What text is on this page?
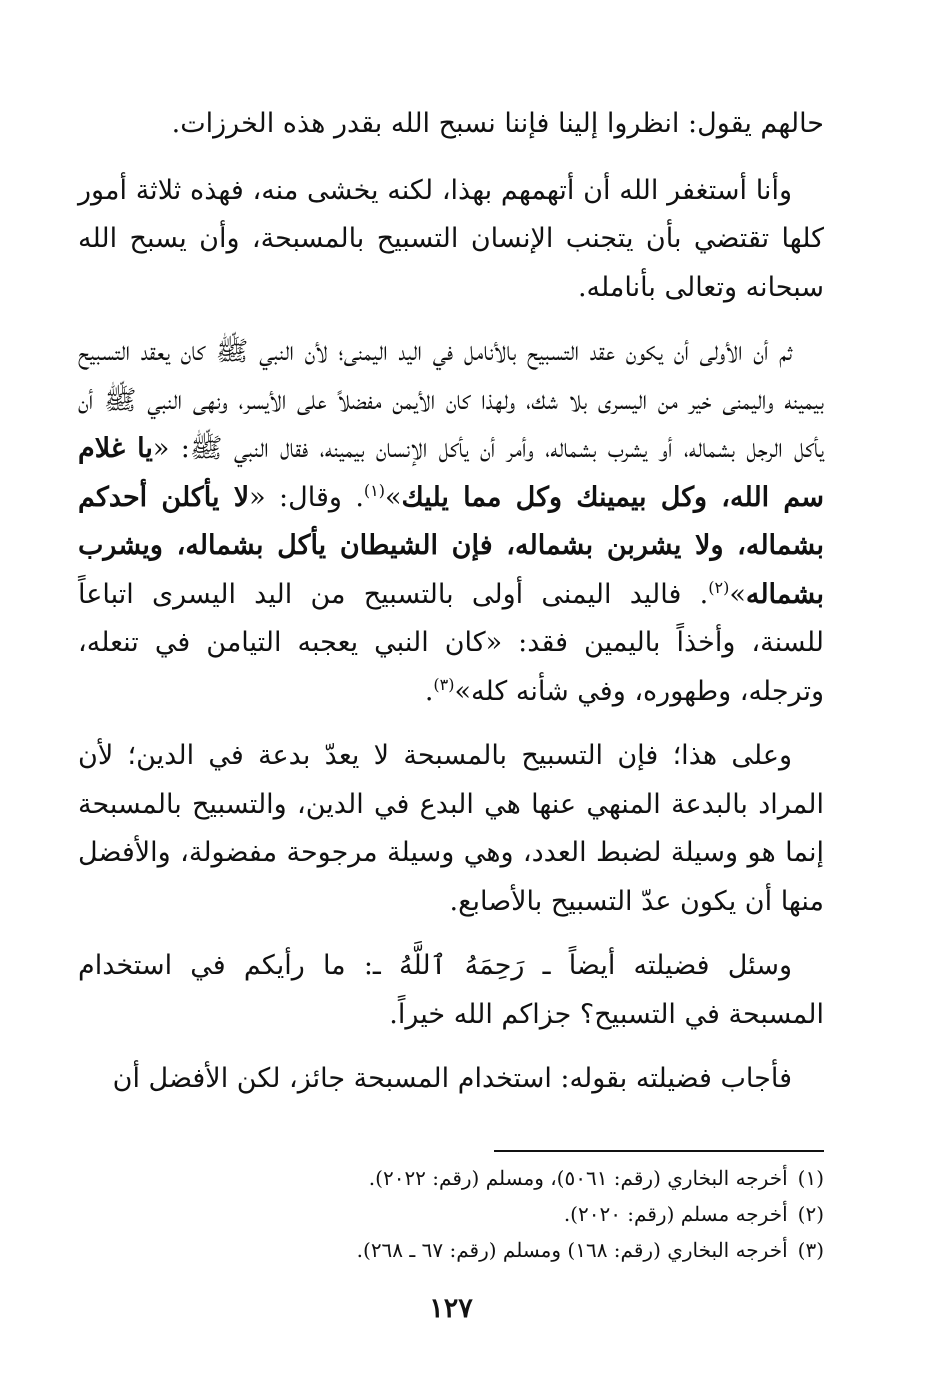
حالهم يقول: انظروا إلينا فإننا نسبح الله بقدر هذه الخرزات.

وأنا أستغفر الله أن أتهمهم بهذا، لكنه يخشى منه، فهذه ثلاثة أمور كلها تقتضي بأن يتجنب الإنسان التسبيح بالمسبحة، وأن يسبح الله سبحانه وتعالى بأنامله.

ثم أن الأولى أن يكون عقد التسبيح بالأنامل في اليد اليمنى؛ لأن النبي ﷺ كان يعقد التسبيح بيمينه واليمنى خير من اليسرى بلا شك، ولهذا كان الأيمن مفضلاً على الأيسر، ونهى النبي ﷺ أن يأكل الرجل بشماله، أو يشرب بشماله، وأمر أن يأكل الإنسان بيمينه، فقال النبي ﷺ: «يا غلام سم الله، وكل بيمينك وكل مما يليك»$^{(١)}$. وقال: «لا يأكلن أحدكم بشماله، ولا يشربن بشماله، فإن الشيطان يأكل بشماله، ويشرب بشماله»$^{(٢)}$. فاليد اليمنى أولى بالتسبيح من اليد اليسرى اتباعاً للسنة، وأخذاً باليمين فقد: «كان النبي يعجبه التيامن في تنعله، وترجله، وطهوره، وفي شأنه كله»$^{(٣)}$.

وعلى هذا؛ فإن التسبيح بالمسبحة لا يعدّ بدعة في الدين؛ لأن المراد بالبدعة المنهي عنها هي البدع في الدين، والتسبيح بالمسبحة إنما هو وسيلة لضبط العدد، وهي وسيلة مرجوحة مفضولة، والأفضل منها أن يكون عدّ التسبيح بالأصابع.

وسئل فضيلته أيضاً ـ رَحِمَهُ ٱللَّهُ ـ: ما رأيكم في استخدام المسبحة في التسبيح؟ جزاكم الله خيراً.

فأجاب فضيلته بقوله: استخدام المسبحة جائز، لكن الأفضل أن

(١)أخرجه البخاري (رقم: ٥٠٦١)، ومسلم (رقم: ٢٠٢٢).

(٢)أخرجه مسلم (رقم: ٢٠٢٠).

(٣)أخرجه البخاري (رقم: ١٦٨) ومسلم (رقم: ٦٧ ـ ٢٦٨).

١٢٧
